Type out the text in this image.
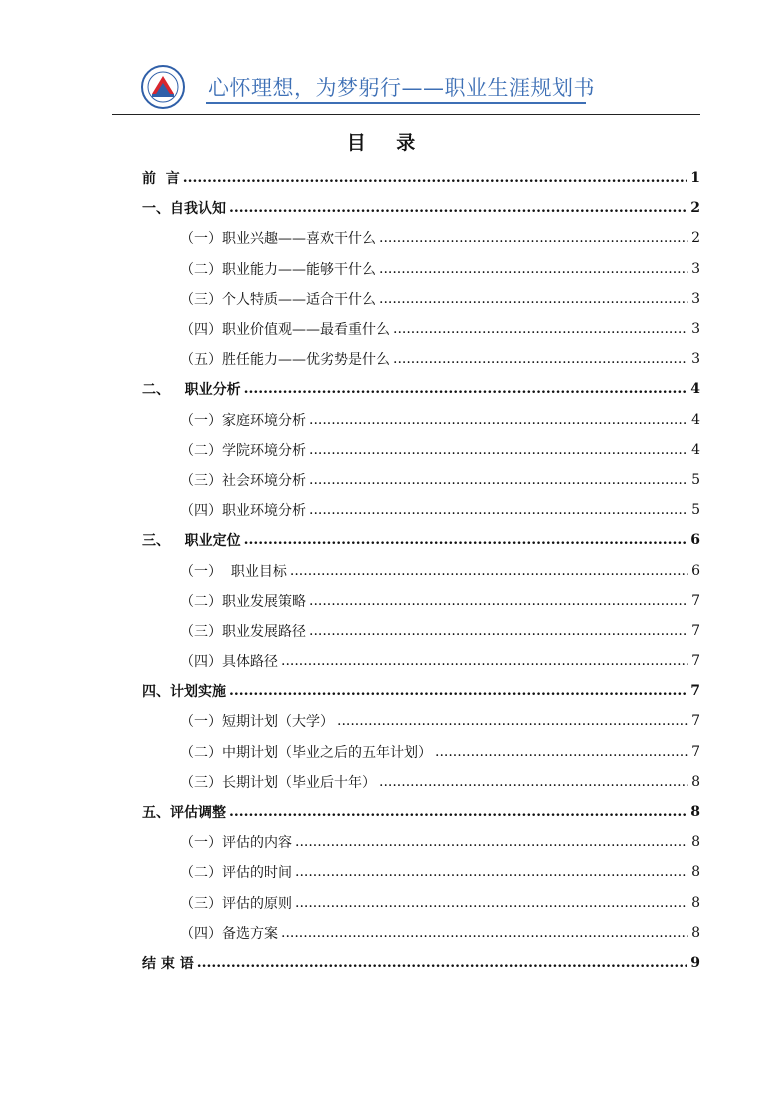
心怀理想，为梦躬行——职业生涯规划书
目 录
前  言 .....	1
一、自我认知 .....	2
（一）职业兴趣——喜欢干什么 .....	2
（二）职业能力——能够干什么 .....	3
（三）个人特质——适合干什么 .....	3
（四）职业价值观——最看重什么 .....	3
（五）胜任能力——优劣势是什么 .....	3
二、   职业分析 .....	4
（一）家庭环境分析 .....	4
（二）学院环境分析 .....	4
（三）社会环境分析 .....	5
（四）职业环境分析 .....	5
三、   职业定位 .....	6
（一）  职业目标 .....	6
（二）职业发展策略 .....	7
（三）职业发展路径 .....	7
（四）具体路径 .....	7
四、计划实施 .....	7
（一）短期计划（大学） .....	7
（二）中期计划（毕业之后的五年计划） .....	7
（三）长期计划（毕业后十年） .....	8
五、评估调整 .....	8
（一）评估的内容 .....	8
（二）评估的时间 .....	8
（三）评估的原则 .....	8
（四）备选方案 .....	8
结 束 语 .....	9
